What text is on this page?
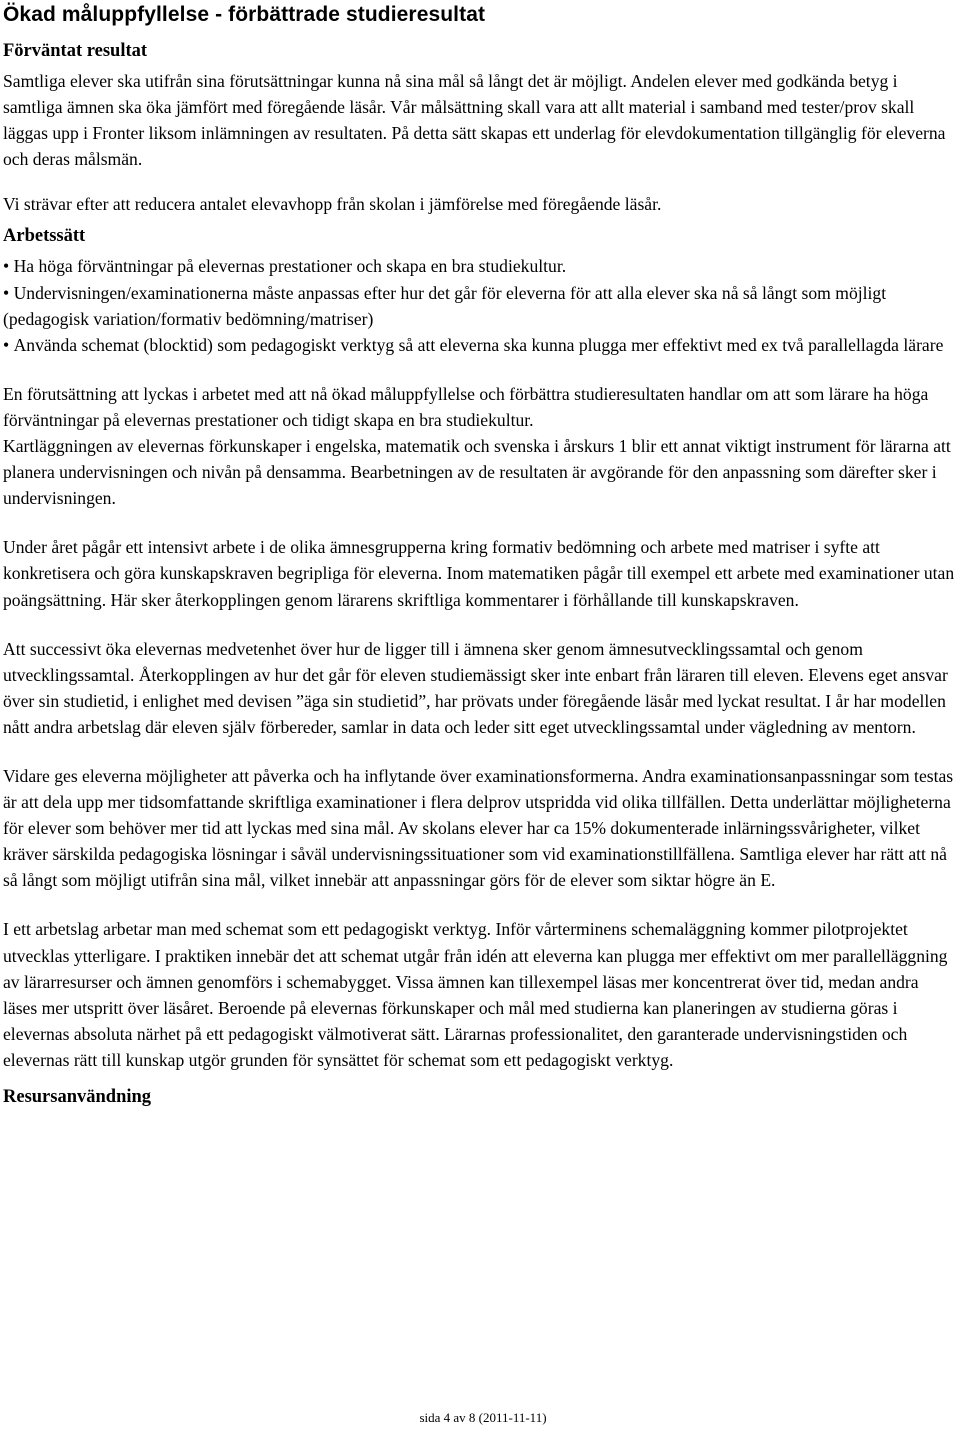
Ökad måluppfyllelse - förbättrade studieresultat
Förväntat resultat

Samtliga elever ska utifrån sina förutsättningar kunna nå sina mål så långt det är möjligt. Andelen elever med godkända betyg i samtliga ämnen ska öka jämfört med föregående läsår. Vår målsättning skall vara att allt material i samband med tester/prov skall läggas upp i Fronter liksom inlämningen av resultaten. På detta sätt skapas ett underlag för elevdokumentation tillgänglig för eleverna och deras målsmän.

Vi strävar efter att reducera antalet elevavhopp från skolan i jämförelse med föregående läsår.

Arbetssätt
• Ha höga förväntningar på elevernas prestationer och skapa en bra studiekultur.
• Undervisningen/examinationerna måste anpassas efter hur det går för eleverna för att alla elever ska nå så långt som möjligt (pedagogisk variation/formativ bedömning/matriser)
• Använda schemat (blocktid) som pedagogiskt verktyg så att eleverna ska kunna plugga mer effektivt med ex två parallellagda lärare

En förutsättning att lyckas i arbetet med att nå ökad måluppfyllelse och förbättra studieresultaten handlar om att som lärare ha höga förväntningar på elevernas prestationer och tidigt skapa en bra studiekultur.

Kartläggningen av elevernas förkunskaper i engelska, matematik och svenska i årskurs 1 blir ett annat viktigt instrument för lärarna att planera undervisningen och nivån på densamma. Bearbetningen av de resultaten är avgörande för den anpassning som därefter sker i undervisningen.

Under året pågår ett intensivt arbete i de olika ämnesgrupperna kring formativ bedömning och arbete med matriser i syfte att konkretisera och göra kunskapskraven begripliga för eleverna. Inom matematiken pågår till exempel ett arbete med examinationer utan poängsättning. Här sker återkopplingen genom lärarens skriftliga kommentarer i förhållande till kunskapskraven.

Att successivt öka elevernas medvetenhet över hur de ligger till i ämnena sker genom ämnesutvecklingssamtal och genom utvecklingssamtal. Återkopplingen av hur det går för eleven studiemässigt sker inte enbart från läraren till eleven. Elevens eget ansvar över sin studietid, i enlighet med devisen ”äga sin studietid”, har prövats under föregående läsår med lyckat resultat. I år har modellen nått andra arbetslag där eleven själv förbereder, samlar in data och leder sitt eget utvecklingssamtal under vägledning av mentorn.

Vidare ges eleverna möjligheter att påverka och ha inflytande över examinationsformerna. Andra examinationsanpassningar som testas är att dela upp mer tidsomfattande skriftliga examinationer i flera delprov utspridda vid olika tillfällen. Detta underlättar möjligheterna för elever som behöver mer tid att lyckas med sina mål. Av skolans elever har ca 15% dokumenterade inlärningssvårigheter, vilket kräver särskilda pedagogiska lösningar i såväl undervisningssituationer som vid examinationstillfällena. Samtliga elever har rätt att nå så långt som möjligt utifrån sina mål, vilket innebär att anpassningar görs för de elever som siktar högre än E.

I ett arbetslag arbetar man med schemat som ett pedagogiskt verktyg. Inför vårterminens schemaläggning kommer pilotprojektet utvecklas ytterligare. I praktiken innebär det att schemat utgår från idén att eleverna kan plugga mer effektivt om mer parallelläggning av lärarresurser och ämnen genomförs i schemabygget. Vissa ämnen kan tillexempel läsas mer koncentrerat över tid, medan andra läses mer utspritt över läsåret. Beroende på elevernas förkunskaper och mål med studierna kan planeringen av studierna göras i elevernas absoluta närhet på ett pedagogiskt välmotiverat sätt. Lärarnas professionalitet, den garanterade undervisningstiden och elevernas rätt till kunskap utgör grunden för synsättet för schemat som ett pedagogiskt verktyg.

Resursanvändning
sida 4 av 8 (2011-11-11)
